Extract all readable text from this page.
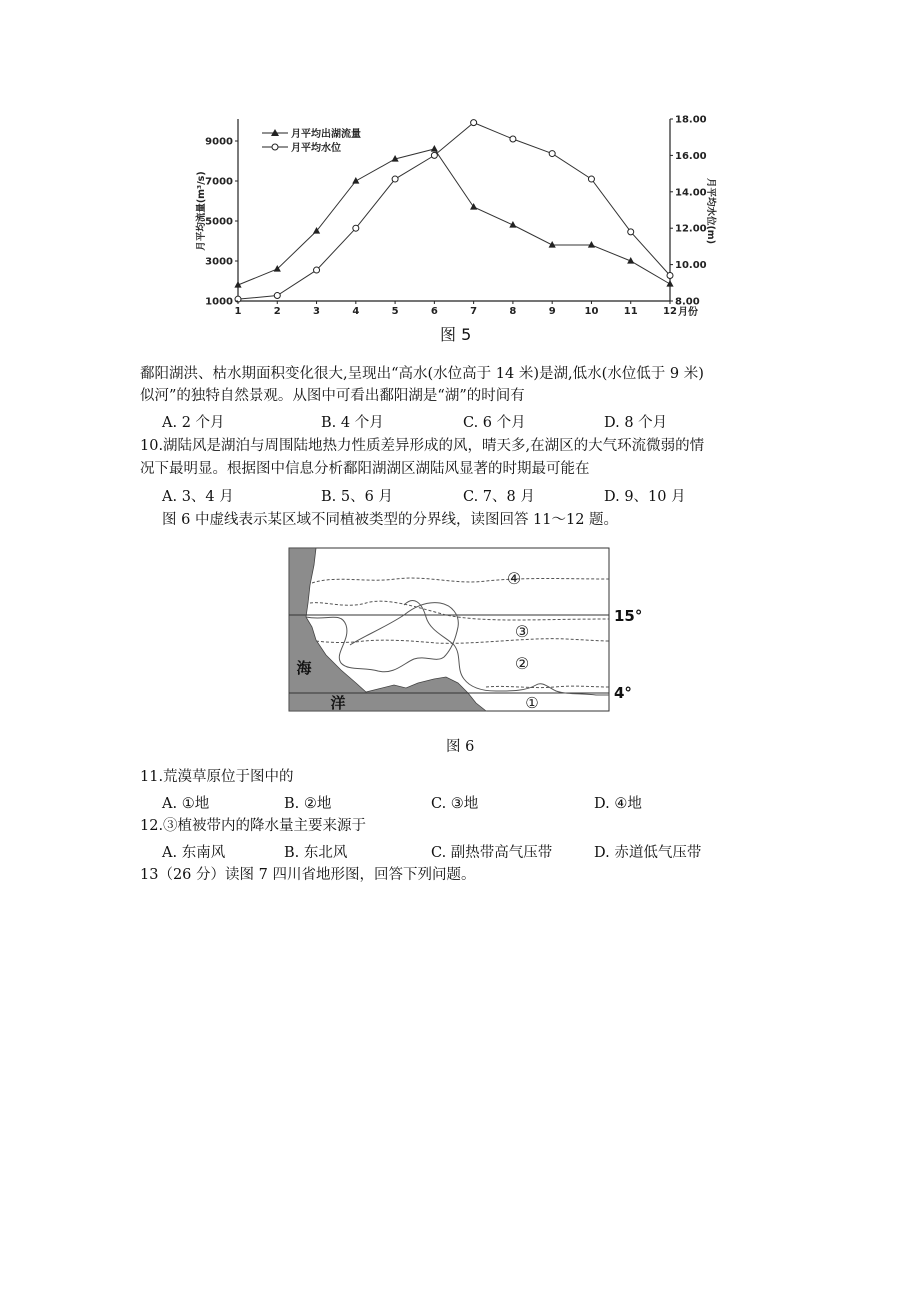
1	2	3	4	5	6	7	8	9	10	11	12
1000
3000
5000
7000
9000
8.00
10.00
12.00
14.00
16.00
18.00
月平均流量(m³/s)	月平均水位(m)
月份
月平均出湖流量
月平均水位
图 5
鄱阳湖洪、枯水期面积变化很大,呈现出“高水(水位高于 14 米)是湖,低水(水位低于 9 米)
似河”的独特自然景观。从图中可看出鄱阳湖是“湖”的时间有
A. 2 个月	B. 4 个月	C. 6 个月	D. 8 个月
10.湖陆风是湖泊与周围陆地热力性质差异形成的风，晴天多,在湖区的大气环流微弱的情
况下最明显。根据图中信息分析鄱阳湖湖区湖陆风显著的时期最可能在
A. 3、4 月	B. 5、6 月	C. 7、8 月	D. 9、10 月
图 6 中虚线表示某区域不同植被类型的分界线，读图回答 11～12 题。
④
③
②
①
海
洋
15°
4°
图 6
11.荒漠草原位于图中的
A. ①地	B. ②地	C. ③地	D. ④地
12.③植被带内的降水量主要来源于
A. 东南风	B. 东北风	C. 副热带高气压带	D. 赤道低气压带
13（26 分）读图 7 四川省地形图，回答下列问题。
